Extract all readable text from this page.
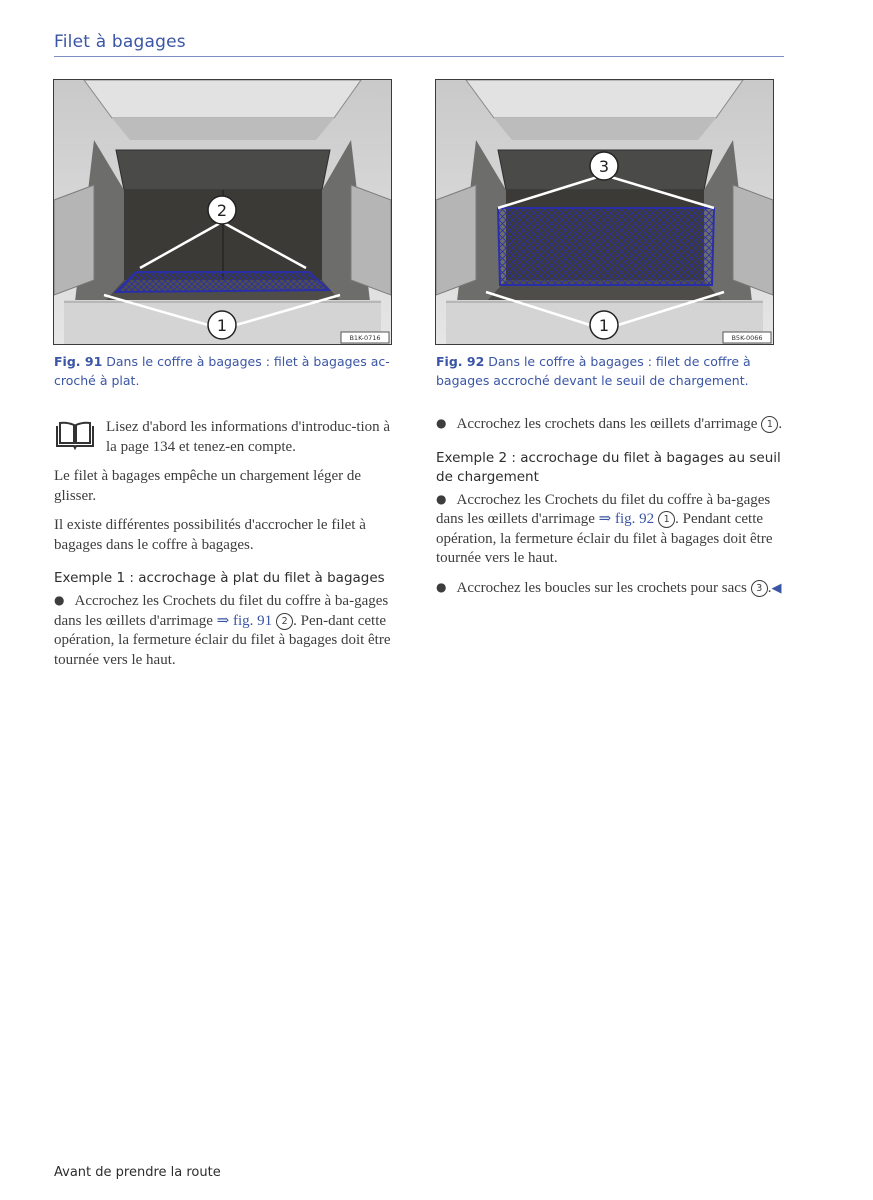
Filet à bagages
2
1
B1K-0716
3
1
B5K-0066
Fig. 91 Dans le coffre à bagages : filet à bagages ac-croché à plat.
Fig. 92 Dans le coffre à bagages : filet de coffre à bagages accroché devant le seuil de chargement.
Lisez d'abord les informations d'introduc-tion à la page 134 et tenez-en compte.

Le filet à bagages empêche un chargement léger de glisser.

Il existe différentes possibilités d'accrocher le filet à bagages dans le coffre à bagages.

Exemple 1 : accrochage à plat du filet à bagages

● Accrochez les Crochets du filet du coffre à ba-gages dans les œillets d'arrimage ⇒ fig. 91 2 . Pen-dant cette opération, la fermeture éclair du filet à bagages doit être tournée vers le haut.

● Accrochez les crochets dans les œillets d'arrimage 1 .

Exemple 2 : accrochage du filet à bagages au seuil de chargement

● Accrochez les Crochets du filet du coffre à ba-gages dans les œillets d'arrimage ⇒ fig. 92 1 . Pendant cette opération, la fermeture éclair du filet à bagages doit être tournée vers le haut.

● Accrochez les boucles sur les crochets pour sacs 3 .◀

Avant de prendre la route
